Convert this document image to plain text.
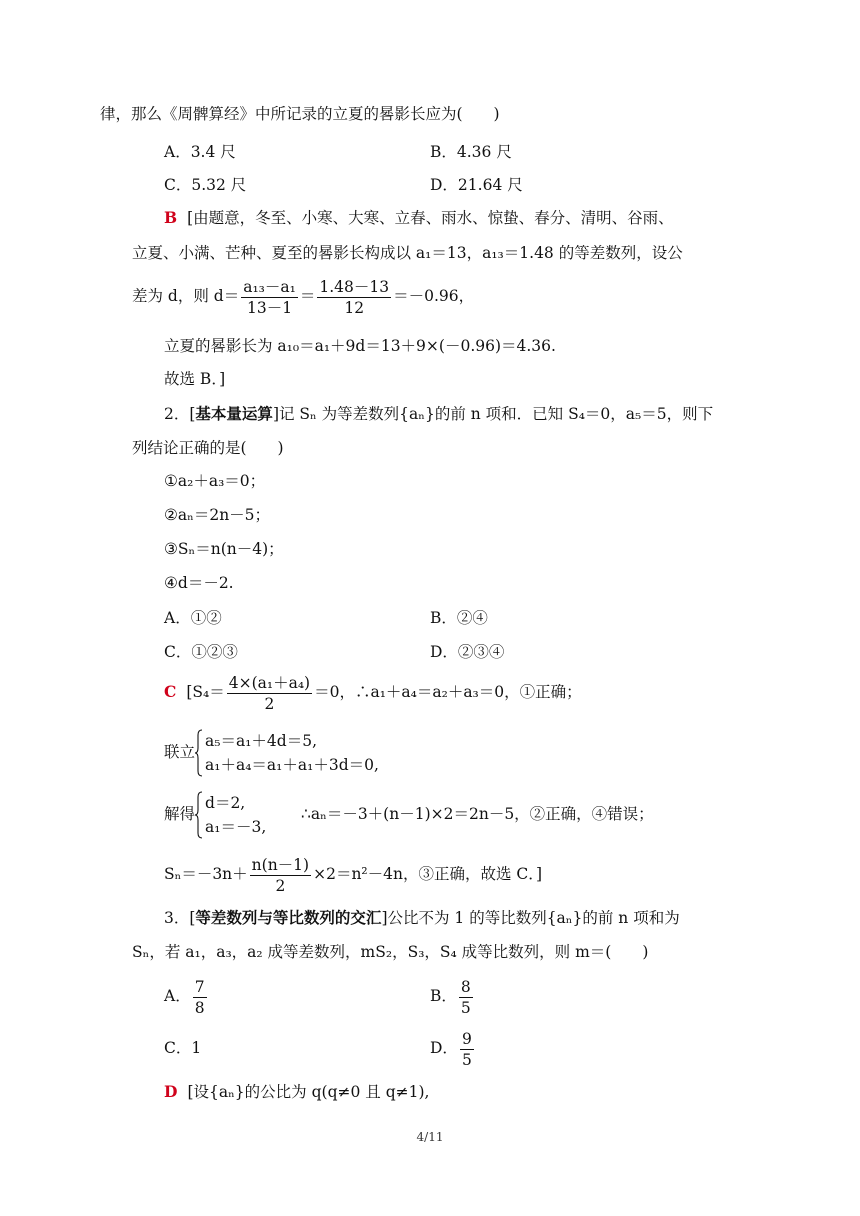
律，那么《周髀算经》中所记录的立夏的晷影长应为(　　)
A．3.4 尺	B．4.36 尺
C．5.32 尺	D．21.64 尺
B [由题意，冬至、小寒、大寒、立春、雨水、惊蛰、春分、清明、谷雨、
立夏、小满、芒种、夏至的晷影长构成以 a₁＝13，a₁₃＝1.48 的等差数列，设公
差为 d，则 $d= \frac{\text{a₁₃－a₁}}{13-1} = \frac{1.48-13}{12} =-0.96$，
立夏的晷影长为 a₁₀＝a₁＋9d＝13＋9×(－0.96)＝4.36.
故选 B．]
2．[基本量运算]记 Sₙ 为等差数列{aₙ}的前 n 项和．已知 S₄＝0，a₅＝5，则下
列结论正确的是(　　)
①a₂＋a₃＝0；
②aₙ＝2n－5；
③Sₙ＝n(n－4)；
④d＝－2.
A．①②	B．②④
C．①②③	D．②③④
C [$S_4= \frac{\text{4×(a₁＋a₄)}}{2} =0$，∴a₁＋a₄＝a₂＋a₃＝0，①正确；
联立
a₅＝a₁＋4d＝5,
a₁＋a₄＝a₁＋a₁＋3d＝0,
解得
d＝2,
a₁＝－3,
∴aₙ＝－3＋(n－1)×2＝2n－5，②正确，④错误；
$S_n=-3n+ \frac{n(n-1)}{2} \times 2=n^2-4n$，③正确，故选 C．]
3．[等差数列与等比数列的交汇]公比不为 1 的等比数列{aₙ}的前 n 项和为
Sₙ，若 a₁，a₃，a₂ 成等差数列，mS₂，S₃，S₄ 成等比数列，则 m＝(　　)
A． $\frac{7}{8}$	B． $\frac{8}{5}$
C．1	D． $\frac{9}{5}$
D [设{aₙ}的公比为 q(q≠0 且 q≠1),
4/11
